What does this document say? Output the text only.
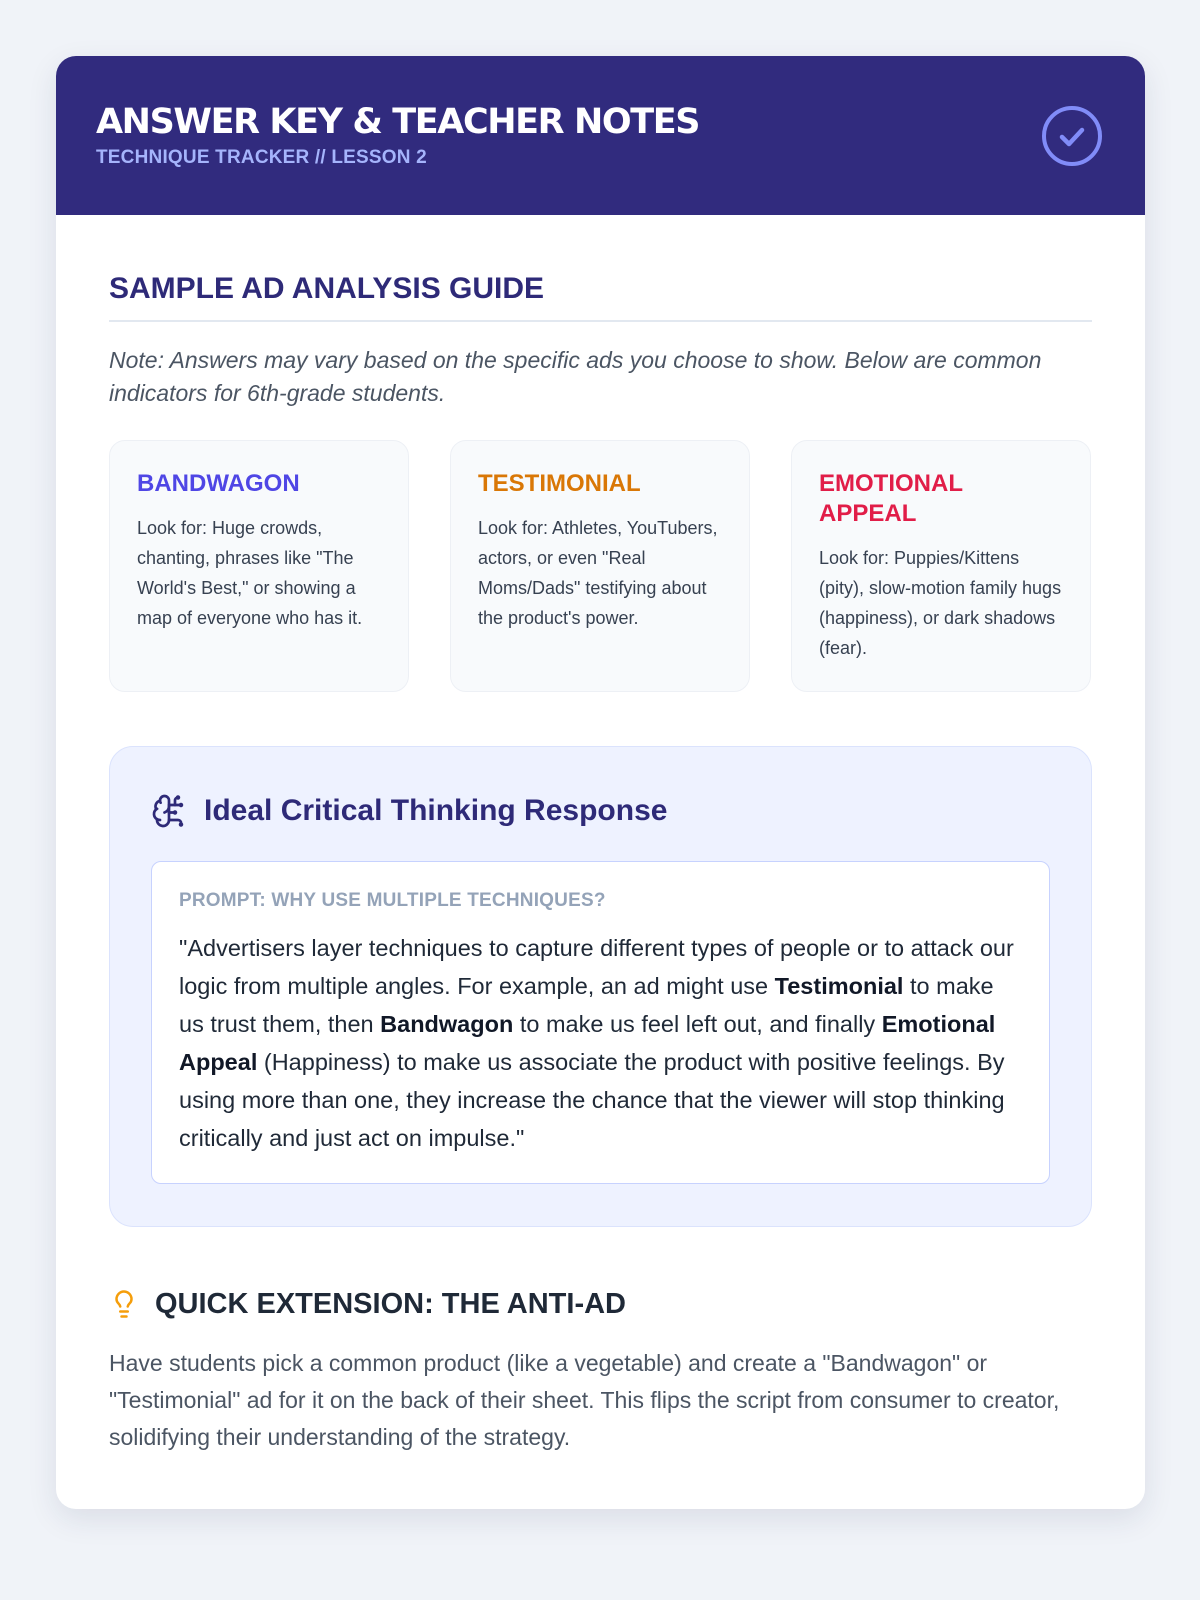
ANSWER KEY & TEACHER NOTES
TECHNIQUE TRACKER // LESSON 2
SAMPLE AD ANALYSIS GUIDE
Note: Answers may vary based on the specific ads you choose to show. Below are common indicators for 6th-grade students.
BANDWAGON
Look for: Huge crowds, chanting, phrases like "The World's Best," or showing a map of everyone who has it.
TESTIMONIAL
Look for: Athletes, YouTubers, actors, or even "Real Moms/Dads" testifying about the product's power.
EMOTIONAL APPEAL
Look for: Puppies/Kittens (pity), slow-motion family hugs (happiness), or dark shadows (fear).
Ideal Critical Thinking Response
PROMPT: WHY USE MULTIPLE TECHNIQUES?

"Advertisers layer techniques to capture different types of people or to attack our logic from multiple angles. For example, an ad might use Testimonial to make us trust them, then Bandwagon to make us feel left out, and finally Emotional Appeal (Happiness) to make us associate the product with positive feelings. By using more than one, they increase the chance that the viewer will stop thinking critically and just act on impulse."

QUICK EXTENSION: THE ANTI-AD

Have students pick a common product (like a vegetable) and create a "Bandwagon" or "Testimonial" ad for it on the back of their sheet. This flips the script from consumer to creator, solidifying their understanding of the strategy.
